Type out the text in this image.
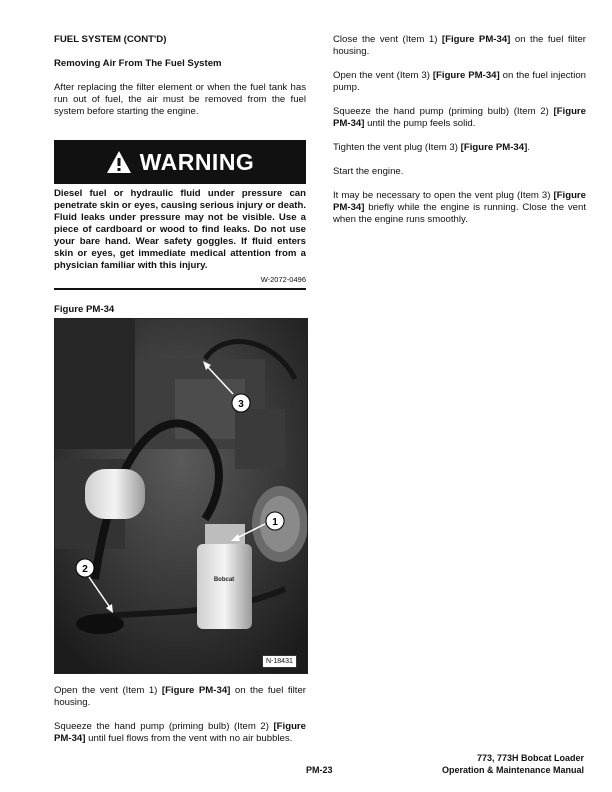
FUEL SYSTEM (CONT'D)

Removing Air From The Fuel System

After replacing the filter element or when the fuel tank has run out of fuel, the air must be removed from the fuel system before starting the engine.

WARNING
Diesel fuel or hydraulic fluid under pressure can penetrate skin or eyes, causing serious injury or death. Fluid leaks under pressure may not be visible. Use a piece of cardboard or wood to find leaks. Do not use your bare hand. Wear safety goggles. If fluid enters skin or eyes, get immediate medical attention from a physician familiar with this injury.
W-2072-0496
Figure PM-34
Bobcat
3
1
2
N-18431

Open the vent (Item 1) [Figure PM-34] on the fuel filter housing.

Squeeze the hand pump (priming bulb) (Item 2) [Figure PM-34] until fuel flows from the vent with no air bubbles.

Close the vent (Item 1) [Figure PM-34] on the fuel filter housing.

Open the vent (Item 3) [Figure PM-34] on the fuel injection pump.

Squeeze the hand pump (priming bulb) (Item 2) [Figure PM-34] until the pump feels solid.

Tighten the vent plug (Item 3) [Figure PM-34].

Start the engine.

It may be necessary to open the vent plug (Item 3) [Figure PM-34] briefly while the engine is running. Close the vent when the engine runs smoothly.

PM-23
773, 773H Bobcat Loader
Operation & Maintenance Manual
